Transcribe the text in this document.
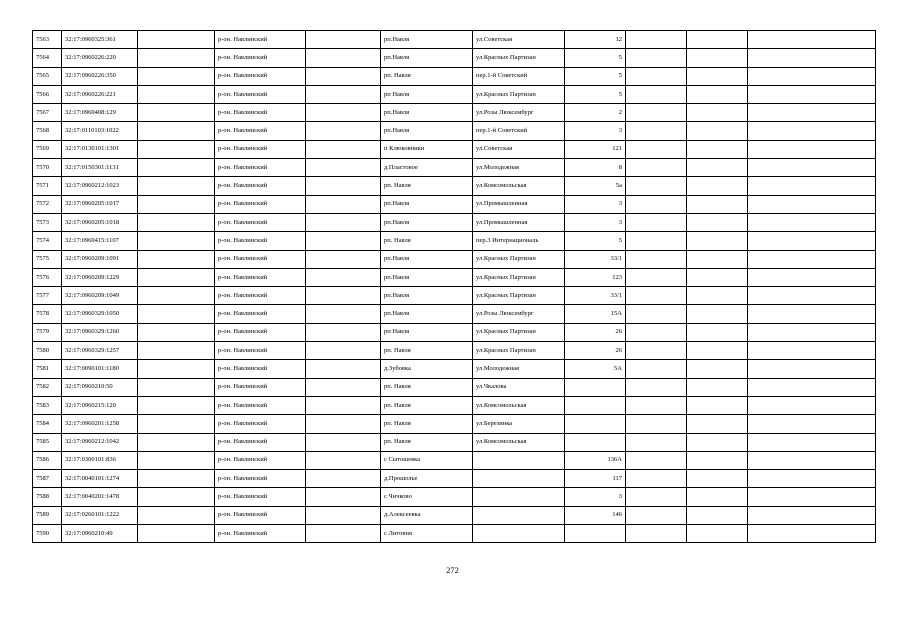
7563	32:17:0960325:361		р-он. Навлинский		рп.Навля	ул.Советская	12			
7564	32:17:0960226:220		р-он. Навлинский		рп.Навля	ул.Красных Партизан	5			
7565	32:17:0960226:350		р-он. Навлинский		рп. Навля	пер.1-й Советский	5			
7566	32:17:0960226:221		р-он. Навлинский		рп Навля	ул.Красных Партизан	5			
7567	32:17:0960408:129		р-он. Навлинский		рп.Навля	ул.Розы Люксембург	2			
7568	32:17:0110103:1022		р-он. Навлинский		рп.Навля	пер.1-й Советский	3			
7569	32:17:0130101:1301		р-он. Навлинский		п Клюковники	ул.Советская	121			
7570	32:17:0150301:1131		р-он. Навлинский		д.Пластовое	ул.Молодежная	8			
7571	32:17:0960212:1023		р-он. Навлинский		рп. Навля	ул.Комсомольская	5а			
7572	32:17:0960205:1017		р-он. Навлинский		рп.Навля	ул.Промышленная	3			
7573	32:17:0960205:1018		р-он. Навлинский		рп.Навля	ул.Промышленная	3			
7574	32:17:0960415:1107		р-он. Навлинский		рп. Навля	пер.3 Интернациональ	5			
7575	32:17:0960209:1091		р-он. Навлинский		рп.Навля	ул.Красных Партизан	33/1			
7576	32:17:0960209:1229		р-он. Навлинский		рп.Навля	ул.Красных Партизан	123			
7577	32:17:0960209:1049		р-он. Навлинский		рп.Навля	ул.Красных Партизан	33/1			
7578	32:17:0960329:1050		р-он. Навлинский		рп.Навля	ул.Розы Люксембург	15А			
7579	32:17:0960329:1260		р-он. Навлинский		рп Навля	ул.Красных Партизан	26			
7580	32:17:0960329:1257		р-он. Навлинский		рп. Навля	ул.Красных Партизан	26			
7581	32:17:0090101:1180		р-он. Навлинский		д.Зубовка	ул.Молодежная	5А			
7582	32:17:0960210:50		р-он. Навлинский		рп. Навля	ул.Чкалова				
7583	32:17:0960215:120		р-он. Навлинский		рп. Навля	ул.Комсомольская				
7584	32:17:0960201:1258		р-он. Навлинский		рп. Навля	ул.Березинка				
7585	32:17:0960212:1042		р-он. Навлинский		рп. Навля	ул.Комсомольская				
7586	32:17:0300101:836		р-он. Навлинский		с Сытошевка		136А			
7587	32:17:0040101:1274		р-он. Навлинский		д.Прошолье		117			
7588	32:17:0040201:1478		р-он. Навлинский		с Чичково		3			
7589	32:17:0260101:1222		р-он. Навлинский		д.Алексеевка		146			
7590	32:17:0960210:49		р-он. Навлинский		с Литовня					
272
